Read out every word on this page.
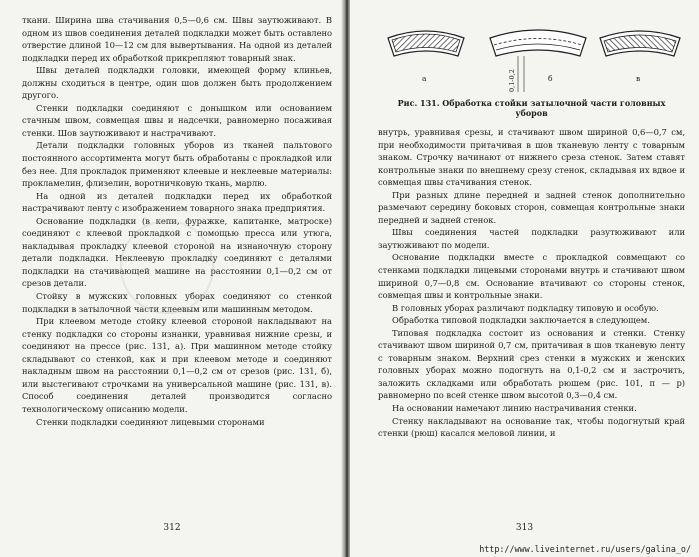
ткани. Ширина шва стачивания 0,5—0,6 см. Швы заутюживают. В одном из швов соединения деталей подкладки может быть оставлено отверстие длиной 10—12 см для вывертывания. На одной из деталей подкладки перед их обработкой прикрепляют товарный знак.

Швы деталей подкладки головки, имеющей форму клиньев, должны сходиться в центре, один шов должен быть продолжением другого.

Стенки подкладки соединяют с донышком или основанием стачным швом, совмещая швы и надсечки, равномерно посаживая стенки. Шов заутюживают и настрачивают.

Детали подкладки головных уборов из тканей пальтового постоянного ассортимента могут быть обработаны с прокладкой или без нее. Для прокладок применяют клеевые и неклеевые материалы: прокламелин, флизелин, воротничковую ткань, марлю.

На одной из деталей подкладки перед их обработкой настрачивают ленту с изображением товарного знака предприятия.

Основание подкладки (в кепи, фуражке, капитанке, матроске) соединяют с клеевой прокладкой с помощью пресса или утюга, накладывая прокладку клеевой стороной на изнаночную сторону детали подкладки. Неклеевую прокладку соединяют с деталями подкладки на стачивающей машине на расстоянии 0,1—0,2 см от срезов детали.

Стойку в мужских головных уборах соединяют со стенкой подкладки в затылочной части клеевым или машинным методом.

При клеевом методе стойку клеевой стороной накладывают на стенку подкладки со стороны изнанки, уравнивая нижние срезы, и соединяют на прессе (рис. 131, а). При машинном методе стойку складывают со стенкой, как и при клеевом методе и соединяют накладным швом на расстоянии 0,1—0,2 см от срезов (рис. 131, б), или выстегивают строчками на универсальной машине (рис. 131, в). Способ соединения деталей производится согласно технологическому описанию модели.

Стенки подкладки соединяют лицевыми сторонами

312
а	0,1-0,2	б	в
Рис. 131. Обработка стойки затылочной части головных уборов

внутрь, уравнивая срезы, и стачивают швом шириной 0,6—0,7 см, при необходимости притачивая в шов тканевую ленту с товарным знаком. Строчку начинают от нижнего среза стенок. Затем ставят контрольные знаки по внешнему срезу стенок, складывая их вдвое и совмещая швы стачивания стенок.

При разных длине передней и задней стенок дополнительно размечают середину боковых сторон, совмещая контрольные знаки передней и задней стенок.

Швы соединения частей подкладки разутюживают или заутюживают по модели.

Основание подкладки вместе с прокладкой совмещают со стенками подкладки лицевыми сторонами внутрь и стачивают швом шириной 0,7—0,8 см. Основание втачивают со стороны стенок, совмещая швы и контрольные знаки.

В головных уборах различают подкладку типовую и особую.

Обработка типовой подкладки заключается в следующем.

Типовая подкладка состоит из основания и стенки. Стенку стачивают швом шириной 0,7 см, притачивая в шов тканевую ленту с товарным знаком. Верхний срез стенки в мужских и женских головных уборах можно подогнуть на 0,1-0,2 см и застрочить, заложить складками или обработать рюшем (рис. 101, п — р) равномерно по всей стенке швом высотой 0,3—0,4 см.

На основании намечают линию настрачивания стенки.

Стенку накладывают на основание так, чтобы подогнутый край стенки (рюш) касался меловой линии, и

313
http://www.liveinternet.ru/users/galina_o/
